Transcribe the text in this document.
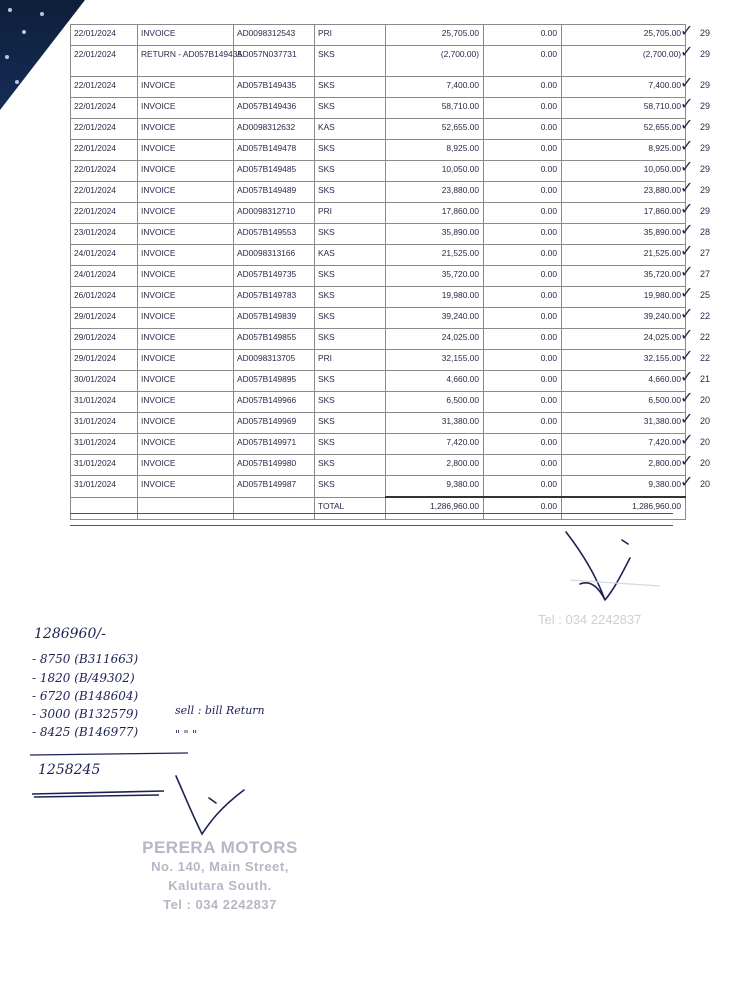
22/01/2024	INVOICE	AD0098312543	PRI	25,705.00	0.00	25,705.00	✓ 29

22/01/2024	RETURN - AD057B149435	AD057N037731	SKS	(2,700.00)	0.00	(2,700.00)	✓ 29

22/01/2024	INVOICE	AD057B149435	SKS	7,400.00	0.00	7,400.00	✓ 29

22/01/2024	INVOICE	AD057B149436	SKS	58,710.00	0.00	58,710.00	✓ 29

22/01/2024	INVOICE	AD0098312632	KAS	52,655.00	0.00	52,655.00	✓ 29

22/01/2024	INVOICE	AD057B149478	SKS	8,925.00	0.00	8,925.00	✓ 29

22/01/2024	INVOICE	AD057B149485	SKS	10,050.00	0.00	10,050.00	✓ 29

22/01/2024	INVOICE	AD057B149489	SKS	23,880.00	0.00	23,880.00	✓ 29

22/01/2024	INVOICE	AD0098312710	PRI	17,860.00	0.00	17,860.00	✓ 29

23/01/2024	INVOICE	AD057B149553	SKS	35,890.00	0.00	35,890.00	✓ 28

24/01/2024	INVOICE	AD0098313166	KAS	21,525.00	0.00	21,525.00	✓ 27

24/01/2024	INVOICE	AD057B149735	SKS	35,720.00	0.00	35,720.00	✓ 27

26/01/2024	INVOICE	AD057B149783	SKS	19,980.00	0.00	19,980.00	✓ 25

29/01/2024	INVOICE	AD057B149839	SKS	39,240.00	0.00	39,240.00	✓ 22

29/01/2024	INVOICE	AD057B149855	SKS	24,025.00	0.00	24,025.00	✓ 22

29/01/2024	INVOICE	AD0098313705	PRI	32,155.00	0.00	32,155.00	✓ 22

30/01/2024	INVOICE	AD057B149895	SKS	4,660.00	0.00	4,660.00	✓ 21

31/01/2024	INVOICE	AD057B149966	SKS	6,500.00	0.00	6,500.00	✓ 20

31/01/2024	INVOICE	AD057B149969	SKS	31,380.00	0.00	31,380.00	✓ 20

31/01/2024	INVOICE	AD057B149971	SKS	7,420.00	0.00	7,420.00	✓ 20

31/01/2024	INVOICE	AD057B149980	SKS	2,800.00	0.00	2,800.00	✓ 20

31/01/2024	INVOICE	AD057B149987	SKS	9,380.00	0.00	9,380.00	✓ 20

			TOTAL	1,286,960.00	0.00	1,286,960.00	
Tel : 034 2242837
1286960/-
- 8750 (B311663)
- 1820 (B/49302)
- 6720 (B148604)
- 3000 (B132579)
- 8425 (B146977)
sell : bill Return
" " "
1258245
PERERA MOTORS
No. 140, Main Street,
Kalutara South.
Tel : 034 2242837
